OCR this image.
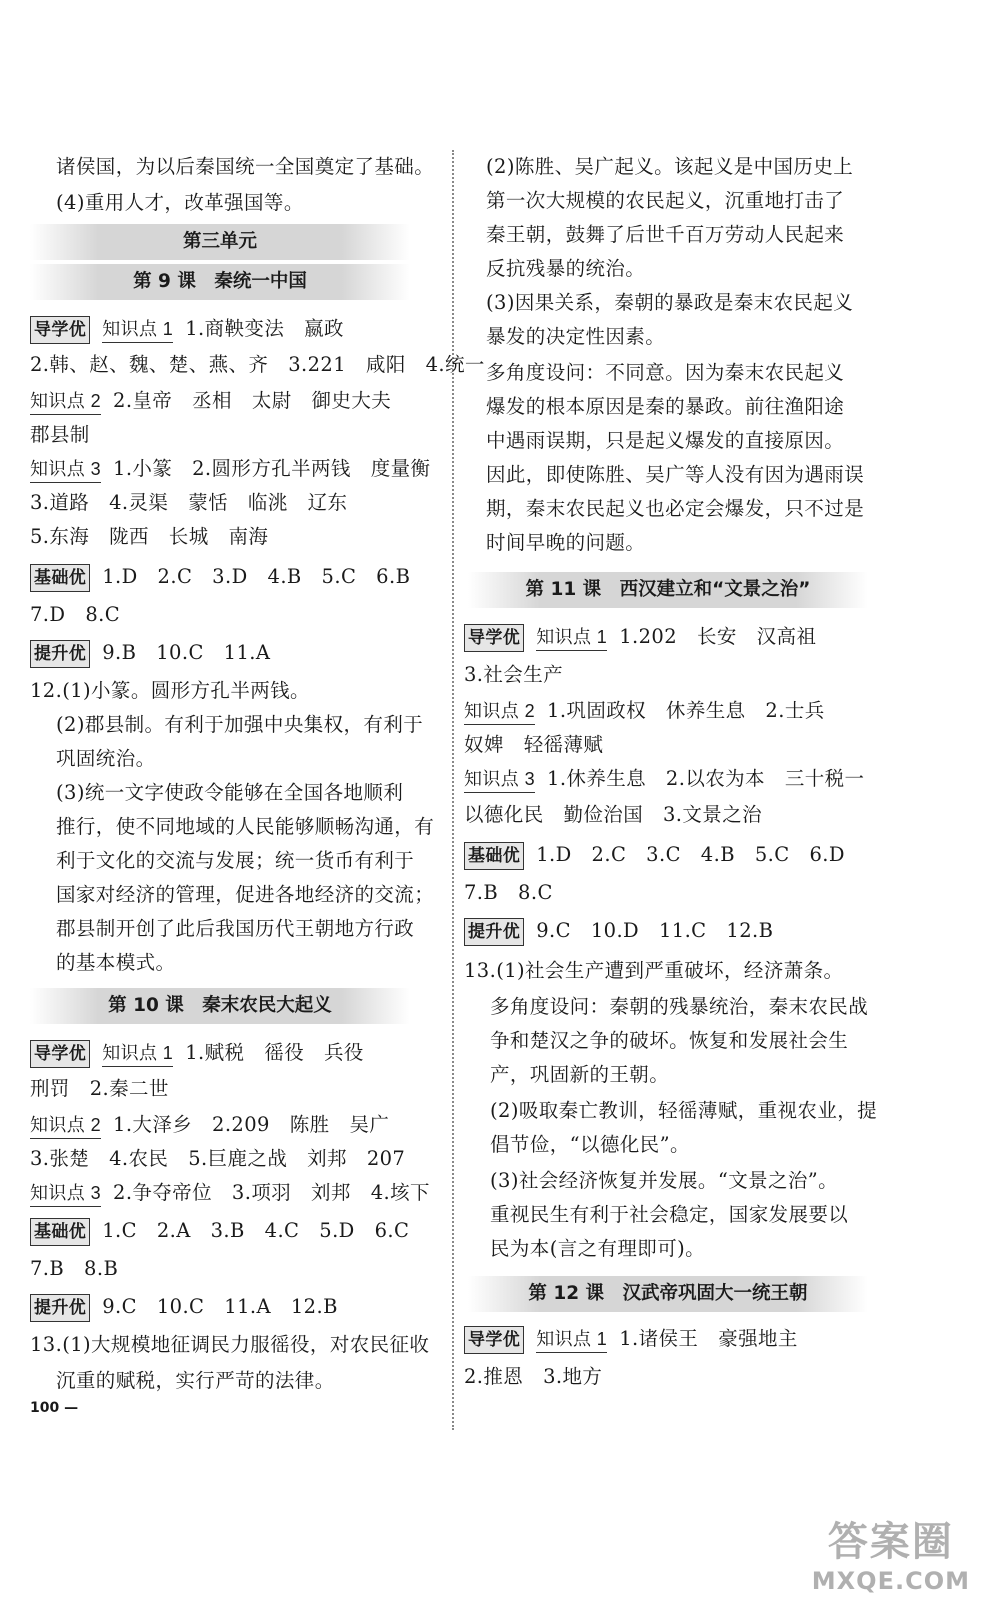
诸侯国，为以后秦国统一全国奠定了基础。
(4)重用人才，改革强国等。
第三单元
第 9 课　秦统一中国
导学优 知识点 1 1.商鞅变法　嬴政
2.韩、赵、魏、楚、燕、齐　3.221　咸阳　4.统一
知识点 2 2.皇帝　丞相　太尉　御史大夫
郡县制
知识点 3 1.小篆　2.圆形方孔半两钱　度量衡
3.道路　4.灵渠　蒙恬　临洮　辽东
5.东海　陇西　长城　南海
基础优 1.D　2.C　3.D　4.B　5.C　6.B
7.D　8.C
提升优 9.B　10.C　11.A
12.(1)小篆。圆形方孔半两钱。
(2)郡县制。有利于加强中央集权，有利于
巩固统治。
(3)统一文字使政令能够在全国各地顺利
推行，使不同地域的人民能够顺畅沟通，有
利于文化的交流与发展；统一货币有利于
国家对经济的管理，促进各地经济的交流；
郡县制开创了此后我国历代王朝地方行政
的基本模式。
第 10 课　秦末农民大起义
导学优 知识点 1 1.赋税　徭役　兵役
刑罚　2.秦二世
知识点 2 1.大泽乡　2.209　陈胜　吴广
3.张楚　4.农民　5.巨鹿之战　刘邦　207
知识点 3 2.争夺帝位　3.项羽　刘邦　4.垓下
基础优 1.C　2.A　3.B　4.C　5.D　6.C
7.B　8.B
提升优 9.C　10.C　11.A　12.B
13.(1)大规模地征调民力服徭役，对农民征收
沉重的赋税，实行严苛的法律。
100 —
(2)陈胜、吴广起义。该起义是中国历史上
第一次大规模的农民起义，沉重地打击了
秦王朝，鼓舞了后世千百万劳动人民起来
反抗残暴的统治。
(3)因果关系，秦朝的暴政是秦末农民起义
暴发的决定性因素。
多角度设问：不同意。因为秦末农民起义
爆发的根本原因是秦的暴政。前往渔阳途
中遇雨误期，只是起义爆发的直接原因。
因此，即使陈胜、吴广等人没有因为遇雨误
期，秦末农民起义也必定会爆发，只不过是
时间早晚的问题。
第 11 课　西汉建立和“文景之治”
导学优 知识点 1 1.202　长安　汉高祖
3.社会生产
知识点 2 1.巩固政权　休养生息　2.士兵
奴婢　轻徭薄赋
知识点 3 1.休养生息　2.以农为本　三十税一
以德化民　勤俭治国　3.文景之治
基础优 1.D　2.C　3.C　4.B　5.C　6.D
7.B　8.C
提升优 9.C　10.D　11.C　12.B
13.(1)社会生产遭到严重破坏，经济萧条。
多角度设问：秦朝的残暴统治，秦末农民战
争和楚汉之争的破坏。恢复和发展社会生
产，巩固新的王朝。
(2)吸取秦亡教训，轻徭薄赋，重视农业，提
倡节俭，“以德化民”。
(3)社会经济恢复并发展。“文景之治”。
重视民生有利于社会稳定，国家发展要以
民为本(言之有理即可)。
第 12 课　汉武帝巩固大一统王朝
导学优 知识点 1 1.诸侯王　豪强地主
2.推恩　3.地方
答案圈
MXQE.COM
